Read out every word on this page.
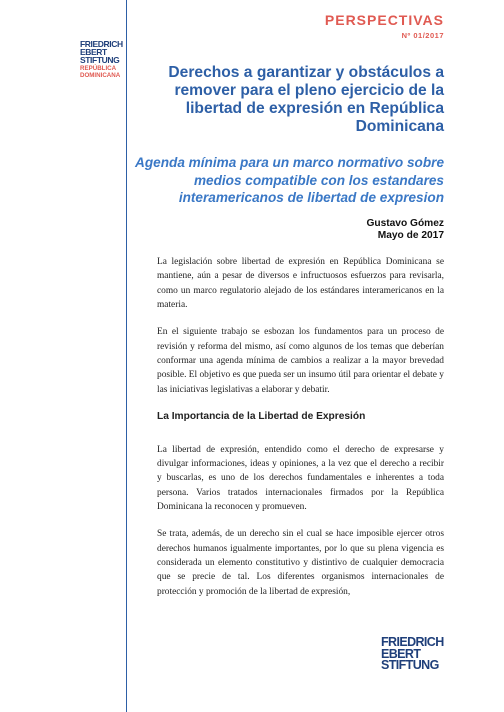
PERSPECTIVAS
Nº 01/2017
FRIEDRICH
EBERT
STIFTUNG
REPÚBLICA
DOMINICANA	Derechos a garantizar y obstáculos a remover para el pleno ejercicio de la libertad de expresión en República Dominicana
Agenda mínima para un marco normativo sobre medios compatible con los estandares interamericanos de libertad de expresion
Gustavo Gómez
Mayo de 2017

La legislación sobre libertad de expresión en República Dominicana se mantiene, aún a pesar de diversos e infructuosos esfuerzos para revisarla, como un marco regulatorio alejado de los estándares interamericanos en la materia.

En el siguiente trabajo se esbozan los fundamentos para un proceso de revisión y reforma del mismo, así como algunos de los temas que deberían conformar una agenda mínima de cambios a realizar a la mayor brevedad posible. El objetivo es que pueda ser un insumo útil para orientar el debate y las iniciativas legislativas a elaborar y debatir.

La Importancia de la Libertad de Expresión

La libertad de expresión, entendido como el derecho de expresarse y divulgar informaciones, ideas y opiniones, a la vez que el derecho a recibir y buscarlas, es uno de los derechos fundamentales e inherentes a toda persona. Varios tratados internacionales firmados por la República Dominicana la reconocen y promueven.

Se trata, además, de un derecho sin el cual se hace imposible ejercer otros derechos humanos igualmente importantes, por lo que su plena vigencia es considerada un elemento constitutivo y distintivo de cualquier democracia que se precie de tal. Los diferentes organismos internacionales de protección y promoción de la libertad de expresión,

FRIEDRICH
EBERT
STIFTUNG
